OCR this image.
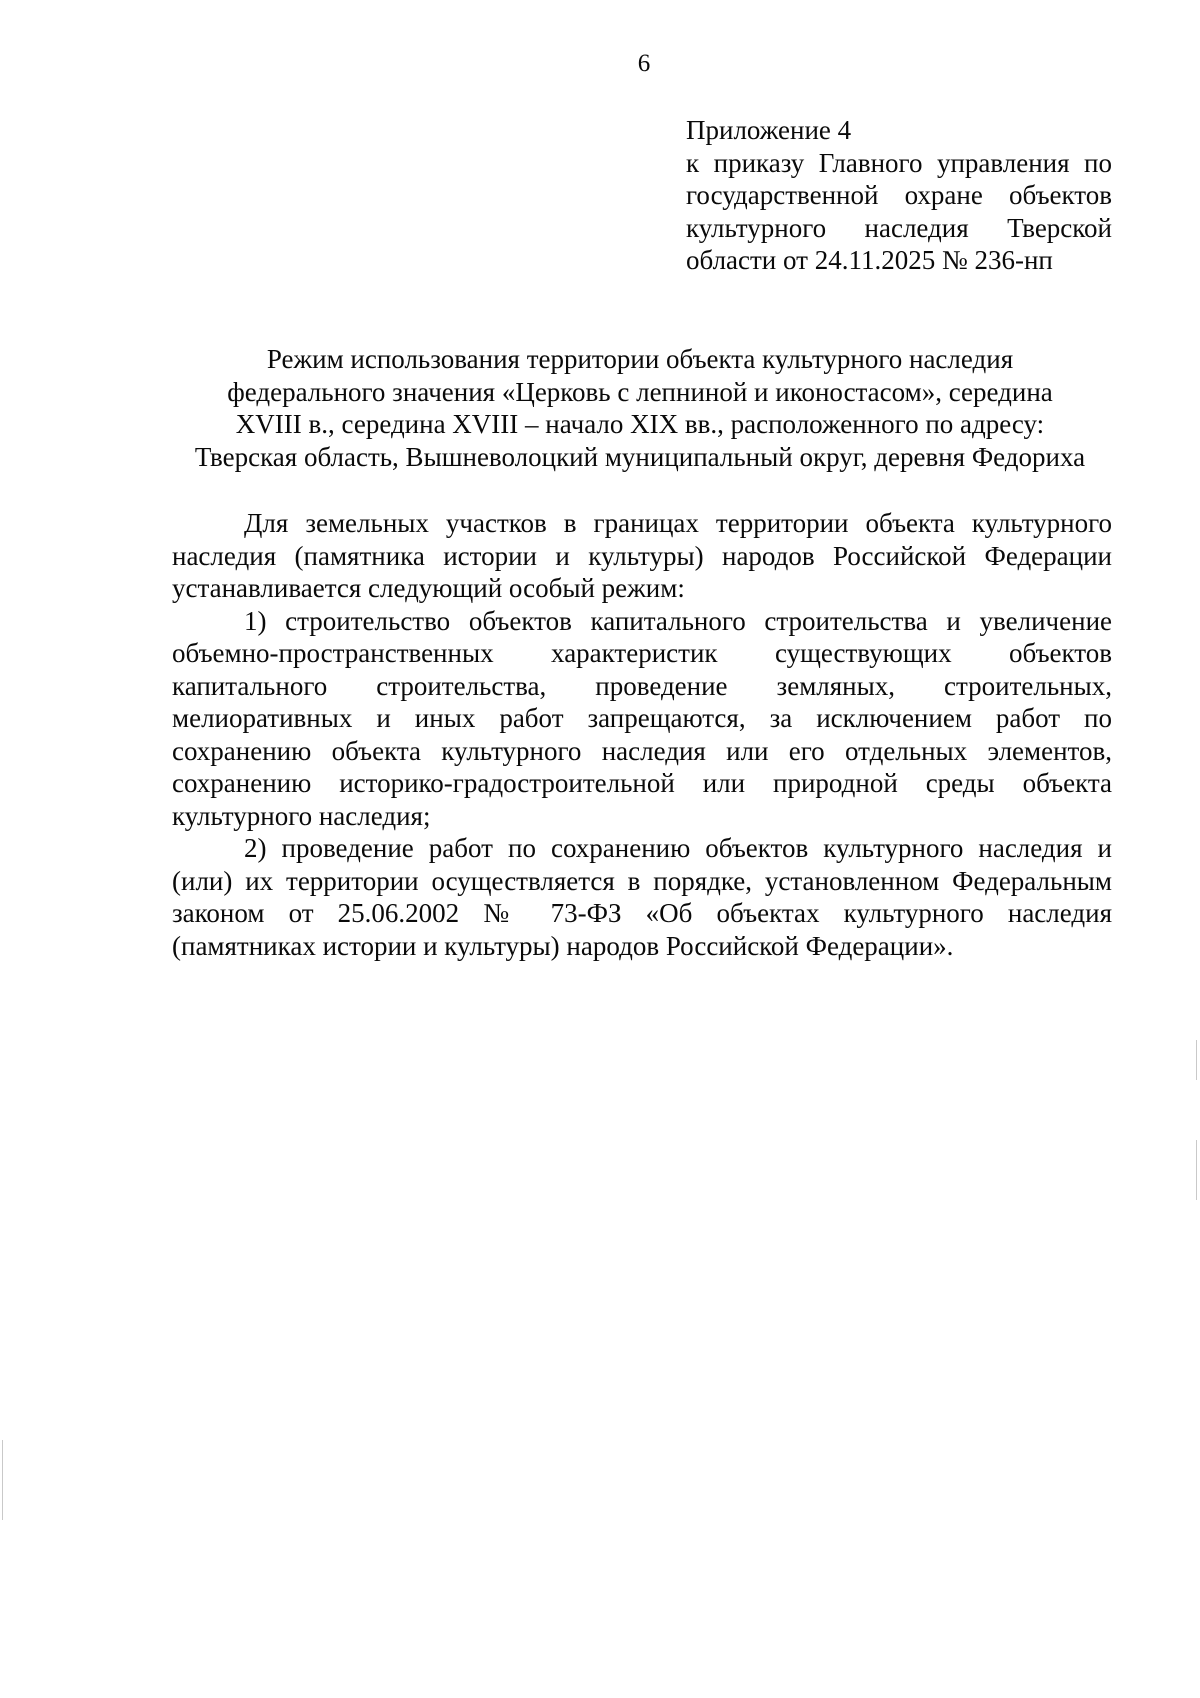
6
Приложение 4
к приказу Главного управления по
государственной охране объектов
культурного наследия Тверской
области от 24.11.2025 № 236-нп
Режим использования территории объекта культурного наследия
федерального значения «Церковь с лепниной и иконостасом», середина
XVIII в., середина XVIII – начало XIX вв., расположенного по адресу:
Тверская область, Вышневолоцкий муниципальный округ, деревня Федориха
Для земельных участков в границах территории объекта культурного
наследия (памятника истории и культуры) народов Российской Федерации
устанавливается следующий особый режим:
1) строительство объектов капитального строительства и увеличение
объемно-пространственных характеристик существующих объектов
капитального строительства, проведение земляных, строительных,
мелиоративных и иных работ запрещаются, за исключением работ по
сохранению объекта культурного наследия или его отдельных элементов,
сохранению историко-градостроительной или природной среды объекта
культурного наследия;
2) проведение работ по сохранению объектов культурного наследия и
(или) их территории осуществляется в порядке, установленном Федеральным
законом от 25.06.2002 № 73-ФЗ «Об объектах культурного наследия
(памятниках истории и культуры) народов Российской Федерации».
